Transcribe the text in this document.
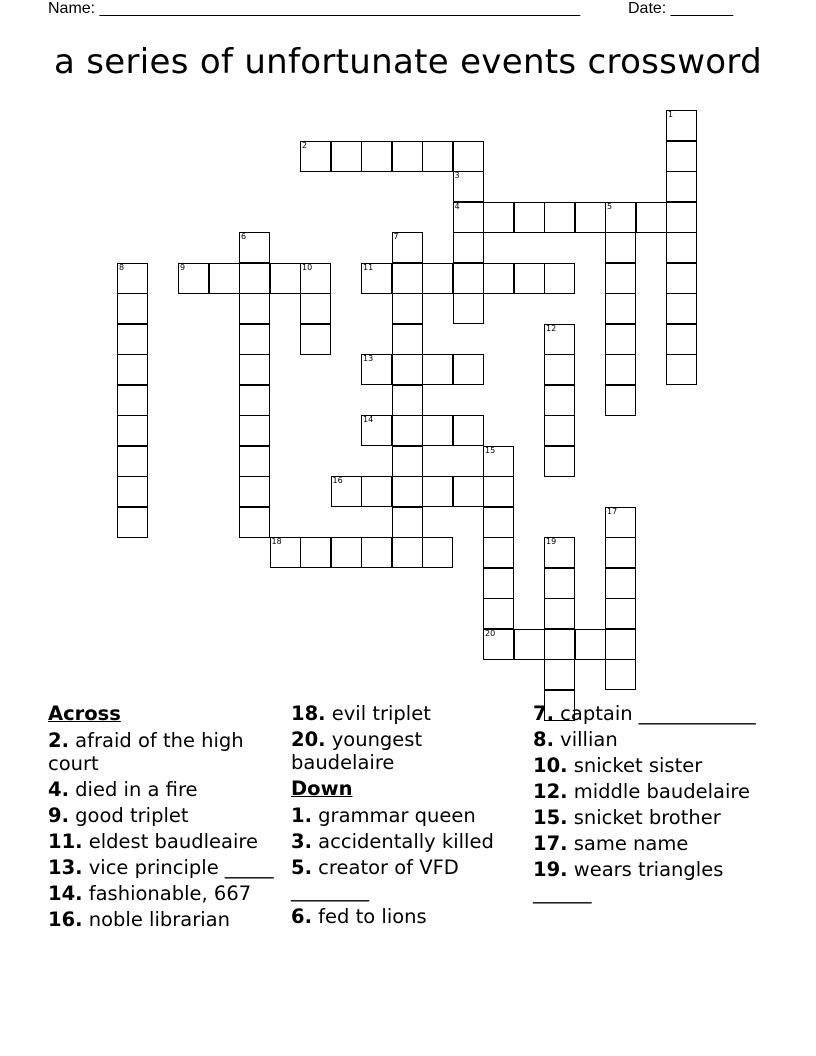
Name: ______________________________________________________	Date: _______
a series of unfortunate events crossword
1
2
3
4	5
6	7
8	9	10	11
12
13
14
15
20
16
17
18	19
Across
2. afraid of the high court
4. died in a fire
9. good triplet
11. eldest baudleaire
13. vice principle _____
14. fashionable, 667
16. noble librarian
18. evil triplet
20. youngest baudelaire
Down
1. grammar queen
3. accidentally killed
5. creator of VFD ________
6. fed to lions
7. captain ____________
8. villian
10. snicket sister
12. middle baudelaire
15. snicket brother
17. same name
19. wears triangles ______
